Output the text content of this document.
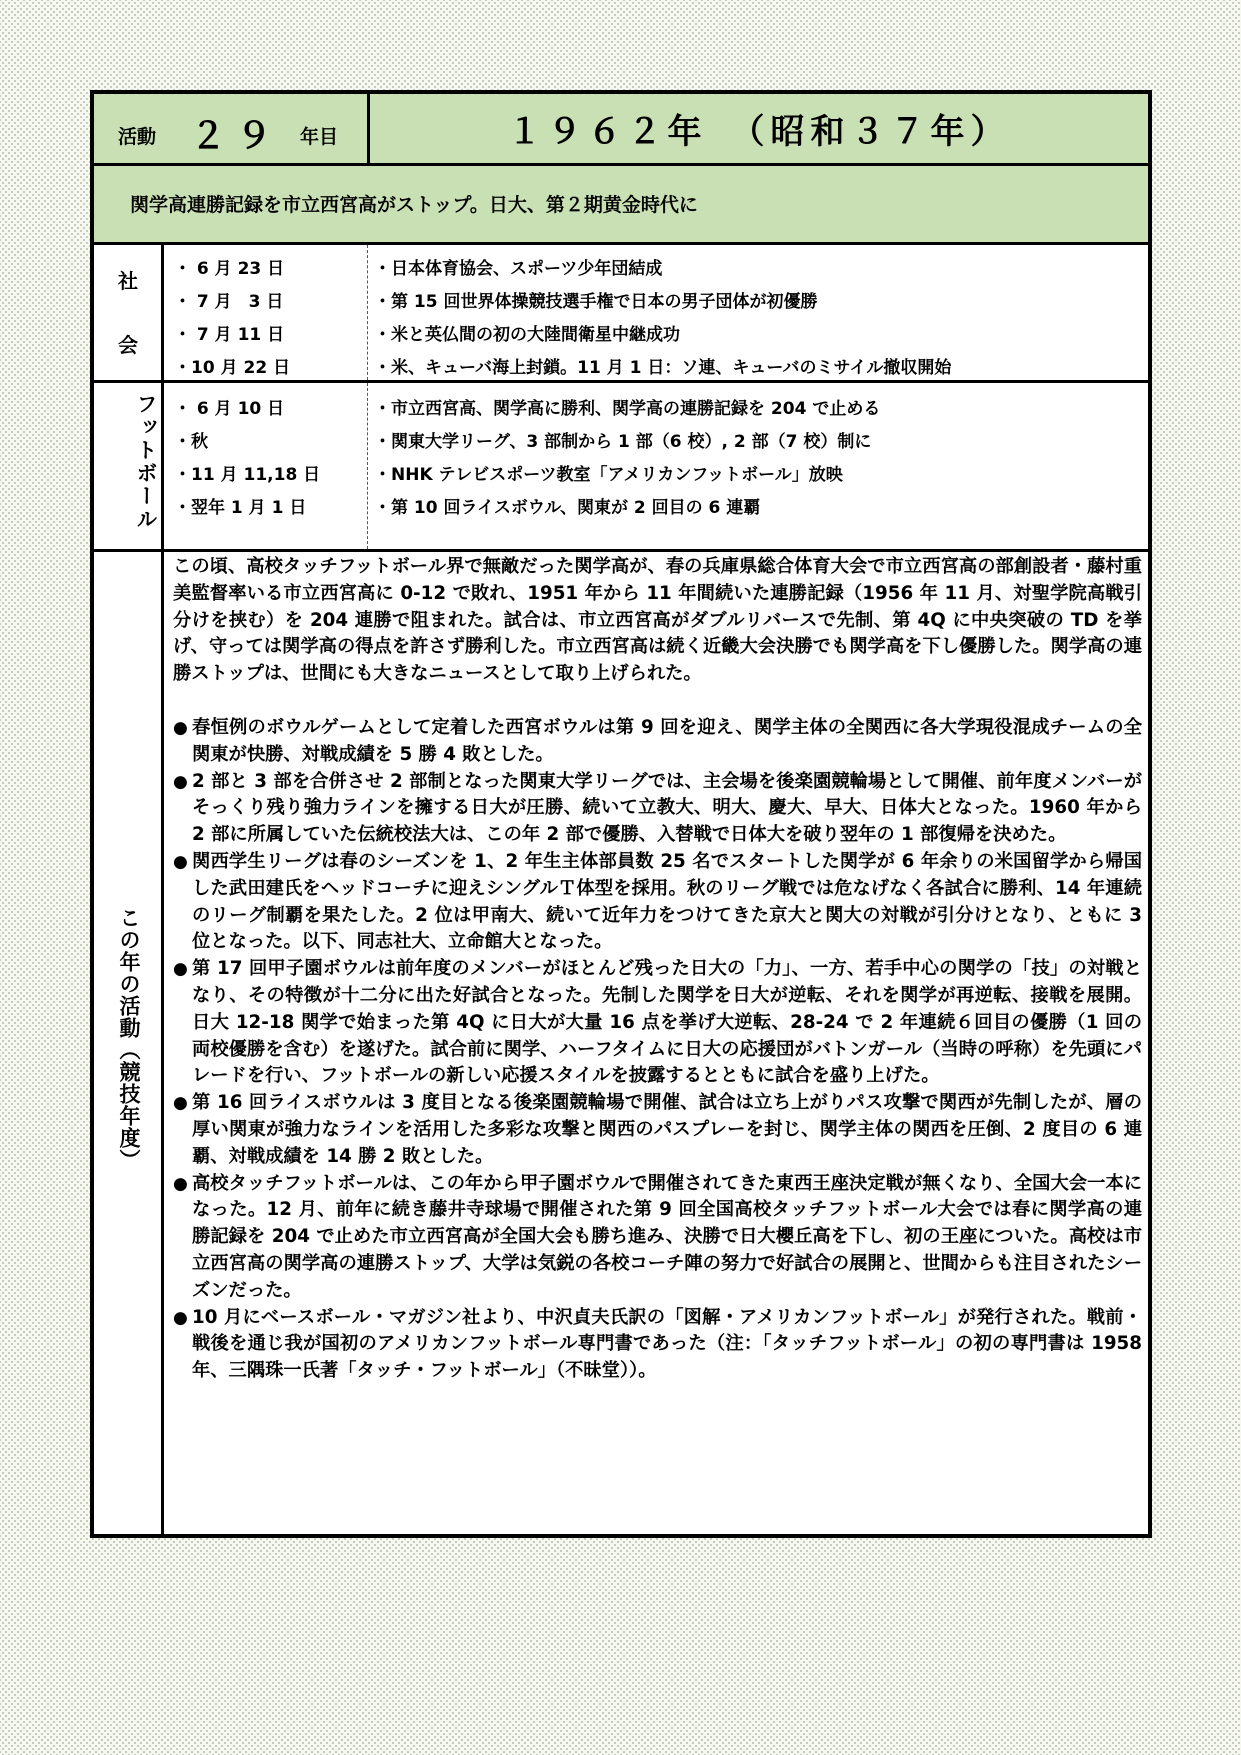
活動 ２９ 年目	１９６２年　（昭和３７年）
関学高連勝記録を市立西宮高がストップ。日大、第２期黄金時代に
社
会
・ 6 月 23 日	・日本体育協会、スポーツ少年団結成
・ 7 月　3 日	・第 15 回世界体操競技選手権で日本の男子団体が初優勝
・ 7 月 11 日	・米と英仏間の初の大陸間衛星中継成功
・10 月 22 日	・米、キューバ海上封鎖。11 月 1 日：ソ連、キューバのミサイル撤収開始
フットボール ・ 6 月 10 日	・市立西宮高、関学高に勝利、関学高の連勝記録を 204 で止める
・秋	・関東大学リーグ、3 部制から 1 部（6 校）, 2 部（7 校）制に
・11 月 11,18 日	・NHK テレビスポーツ教室「アメリカンフットボール」放映
・翌年 1 月 1 日	・第 10 回ライスボウル、関東が 2 回目の 6 連覇
この年の活動（競技年度）

この頃、高校タッチフットボール界で無敵だった関学高が、春の兵庫県総合体育大会で市立西宮高の部創設者・藤村重美監督率いる市立西宮高に 0-12 で敗れ、1951 年から 11 年間続いた連勝記録（1956 年 11 月、対聖学院高戦引分けを挟む）を 204 連勝で阻まれた。試合は、市立西宮高がダブルリバースで先制、第 4Q に中央突破の TD を挙げ、守っては関学高の得点を許さず勝利した。市立西宮高は続く近畿大会決勝でも関学高を下し優勝した。関学高の連勝ストップは、世間にも大きなニュースとして取り上げられた。

● 春恒例のボウルゲームとして定着した西宮ボウルは第 9 回を迎え、関学主体の全関西に各大学現役混成チームの全関東が快勝、対戦成績を 5 勝 4 敗とした。
● 2 部と 3 部を合併させ 2 部制となった関東大学リーグでは、主会場を後楽園競輪場として開催、前年度メンバーがそっくり残り強力ラインを擁する日大が圧勝、続いて立教大、明大、慶大、早大、日体大となった。1960 年から 2 部に所属していた伝統校法大は、この年 2 部で優勝、入替戦で日体大を破り翌年の 1 部復帰を決めた。
● 関西学生リーグは春のシーズンを 1、2 年生主体部員数 25 名でスタートした関学が 6 年余りの米国留学から帰国した武田建氏をヘッドコーチに迎えシングルＴ体型を採用。秋のリーグ戦では危なげなく各試合に勝利、14 年連続のリーグ制覇を果たした。2 位は甲南大、続いて近年力をつけてきた京大と関大の対戦が引分けとなり、ともに 3 位となった。以下、同志社大、立命館大となった。
● 第 17 回甲子園ボウルは前年度のメンバーがほとんど残った日大の「力」、一方、若手中心の関学の「技」の対戦となり、その特徴が十二分に出た好試合となった。先制した関学を日大が逆転、それを関学が再逆転、接戦を展開。日大 12-18 関学で始まった第 4Q に日大が大量 16 点を挙げ大逆転、28-24 で 2 年連続６回目の優勝（1 回の両校優勝を含む）を遂げた。試合前に関学、ハーフタイムに日大の応援団がバトンガール（当時の呼称）を先頭にパレードを行い、フットボールの新しい応援スタイルを披露するとともに試合を盛り上げた。
● 第 16 回ライスボウルは 3 度目となる後楽園競輪場で開催、試合は立ち上がりパス攻撃で関西が先制したが、層の厚い関東が強力なラインを活用した多彩な攻撃と関西のパスプレーを封じ、関学主体の関西を圧倒、2 度目の 6 連覇、対戦成績を 14 勝 2 敗とした。
● 高校タッチフットボールは、この年から甲子園ボウルで開催されてきた東西王座決定戦が無くなり、全国大会一本になった。12 月、前年に続き藤井寺球場で開催された第 9 回全国高校タッチフットボール大会では春に関学高の連勝記録を 204 で止めた市立西宮高が全国大会も勝ち進み、決勝で日大櫻丘高を下し、初の王座についた。高校は市立西宮高の関学高の連勝ストップ、大学は気鋭の各校コーチ陣の努力で好試合の展開と、世間からも注目されたシーズンだった。
● 10 月にベースボール・マガジン社より、中沢貞夫氏訳の「図解・アメリカンフットボール」が発行された。戦前・戦後を通じ我が国初のアメリカンフットボール専門書であった（注：「タッチフットボール」の初の専門書は 1958 年、三隅珠一氏著「タッチ・フットボール」（不昧堂））。
